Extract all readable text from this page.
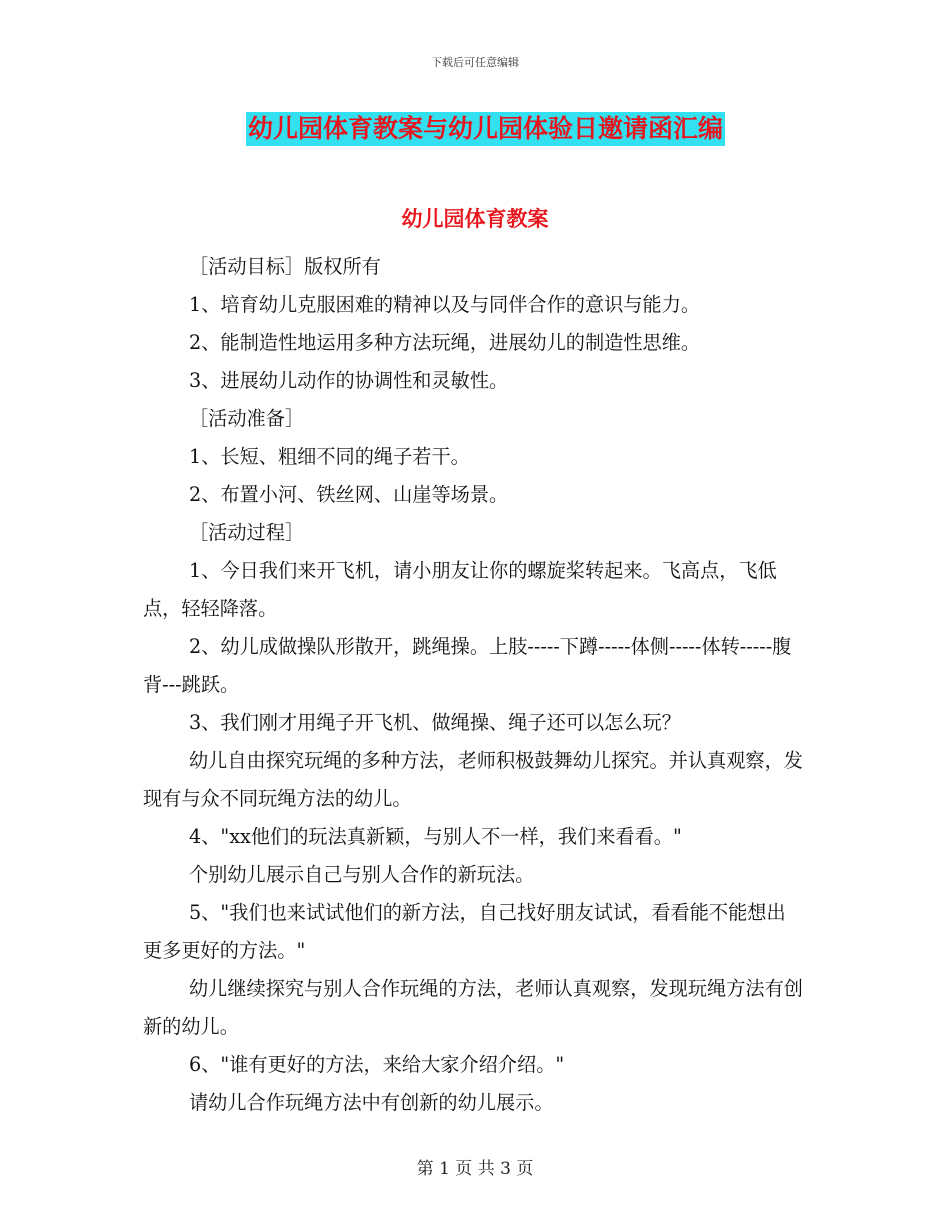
下载后可任意编辑
幼儿园体育教案与幼儿园体验日邀请函汇编
幼儿园体育教案

［活动目标］版权所有

1、培育幼儿克服困难的精神以及与同伴合作的意识与能力。

2、能制造性地运用多种方法玩绳，进展幼儿的制造性思维。

3、进展幼儿动作的协调性和灵敏性。

［活动准备］

1、长短、粗细不同的绳子若干。

2、布置小河、铁丝网、山崖等场景。

［活动过程］

1、今日我们来开飞机，请小朋友让你的螺旋桨转起来。飞高点，飞低点，轻轻降落。

2、幼儿成做操队形散开，跳绳操。上肢-----下蹲-----体侧-----体转-----腹背---跳跃。

3、我们刚才用绳子开飞机、做绳操、绳子还可以怎么玩？

幼儿自由探究玩绳的多种方法，老师积极鼓舞幼儿探究。并认真观察，发现有与众不同玩绳方法的幼儿。

4、"xx他们的玩法真新颖，与别人不一样，我们来看看。"

个别幼儿展示自己与别人合作的新玩法。

5、"我们也来试试他们的新方法，自己找好朋友试试，看看能不能想出更多更好的方法。"

幼儿继续探究与别人合作玩绳的方法，老师认真观察，发现玩绳方法有创新的幼儿。

6、"谁有更好的方法，来给大家介绍介绍。"

请幼儿合作玩绳方法中有创新的幼儿展示。

第 1 页 共 3 页
